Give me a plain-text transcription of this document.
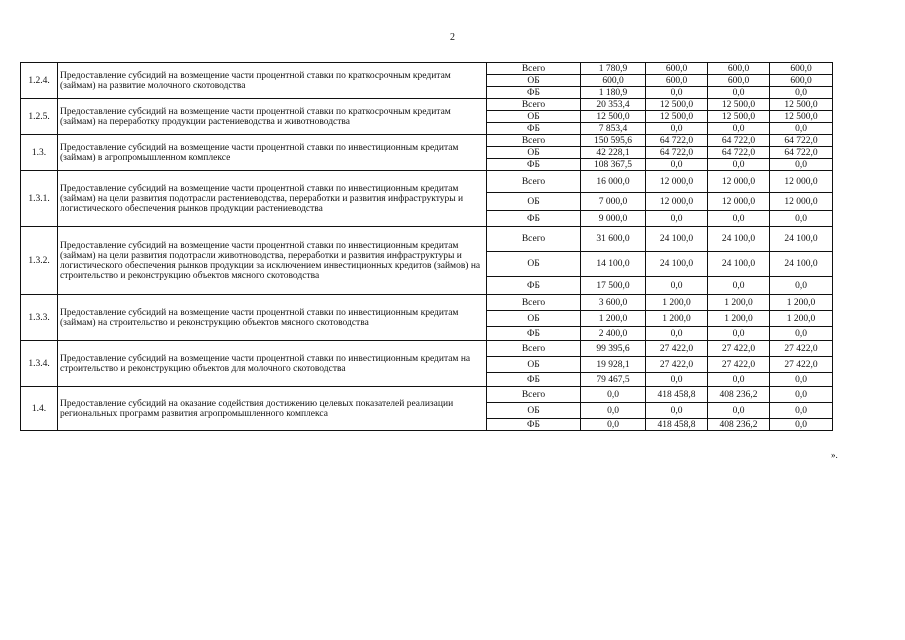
2
1.2.4.	Предоставление субсидий на возмещение части процентной ставки по краткосрочным кредитам (займам) на развитие молочного скотоводства	Всего	1 780,9	600,0	600,0	600,0
		ОБ	600,0	600,0	600,0	600,0
		ФБ	1 180,9	0,0	0,0	0,0
1.2.5.	Предоставление субсидий на возмещение части процентной ставки по краткосрочным кредитам (займам) на переработку продукции растениеводства и животноводства	Всего	20 353,4	12 500,0	12 500,0	12 500,0
		ОБ	12 500,0	12 500,0	12 500,0	12 500,0
		ФБ	7 853,4	0,0	0,0	0,0
1.3.	Предоставление субсидий на возмещение части процентной ставки по инвестиционным кредитам (займам) в агропромышленном комплексе	Всего	150 595,6	64 722,0	64 722,0	64 722,0
		ОБ	42 228,1	64 722,0	64 722,0	64 722,0
		ФБ	108 367,5	0,0	0,0	0,0
1.3.1.	Предоставление субсидий на возмещение части процентной ставки по инвестиционным кредитам (займам) на цели развития подотрасли растениеводства, переработки и развития инфраструктуры и логистического обеспечения рынков продукции растениеводства	Всего	16 000,0	12 000,0	12 000,0	12 000,0
		ОБ	7 000,0	12 000,0	12 000,0	12 000,0
		ФБ	9 000,0	0,0	0,0	0,0
1.3.2.	Предоставление субсидий на возмещение части процентной ставки по инвестиционным кредитам (займам) на цели развития подотрасли животноводства, переработки и развития инфраструктуры и логистического обеспечения рынков продукции за исключением инвестиционных кредитов (займов) на строительство и реконструкцию объектов мясного скотоводства	Всего	31 600,0	24 100,0	24 100,0	24 100,0
		ОБ	14 100,0	24 100,0	24 100,0	24 100,0
		ФБ	17 500,0	0,0	0,0	0,0
1.3.3.	Предоставление субсидий на возмещение части процентной ставки по инвестиционным кредитам (займам) на строительство и реконструкцию объектов мясного скотоводства	Всего	3 600,0	1 200,0	1 200,0	1 200,0
		ОБ	1 200,0	1 200,0	1 200,0	1 200,0
		ФБ	2 400,0	0,0	0,0	0,0
1.3.4.	Предоставление субсидий на возмещение части процентной ставки по инвестиционным кредитам на строительство и реконструкцию объектов для молочного скотоводства	Всего	99 395,6	27 422,0	27 422,0	27 422,0
		ОБ	19 928,1	27 422,0	27 422,0	27 422,0
		ФБ	79 467,5	0,0	0,0	0,0
1.4.	Предоставление субсидий на оказание содействия достижению целевых показателей реализации региональных программ развития агропромышленного комплекса	Всего	0,0	418 458,8	408 236,2	0,0
		ОБ	0,0	0,0	0,0	0,0
		ФБ	0,0	418 458,8	408 236,2	0,0
».
